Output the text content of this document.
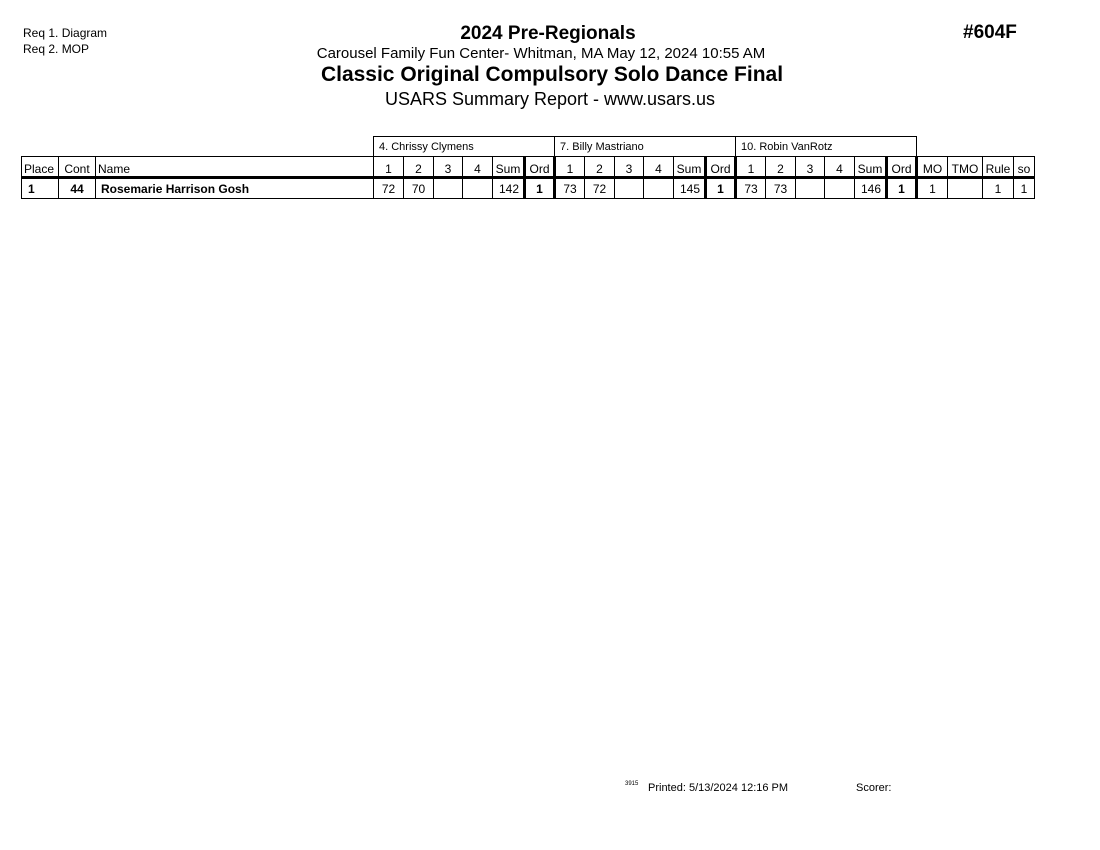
Req 1. Diagram
Req 2. MOP
#604F
2024 Pre-Regionals
Carousel Family Fun Center- Whitman, MA May 12, 2024 10:55 AM
Classic Original Compulsory Solo Dance Final
USARS Summary Report - www.usars.us
			4. Chrissy Clymens						7. Billy Mastriano						10. Robin VanRotz									
Place	Cont	Name	1	2	3	4	Sum	Ord	1	2	3	4	Sum	Ord	1	2	3	4	Sum	Ord	MO	TMO	Rule	so
1	44	Rosemarie Harrison Gosh	72	70			142	1	73	72			145	1	73	73			146	1	1		1	1
3915 Printed: 5/13/2024 12:16 PM	Scorer:
